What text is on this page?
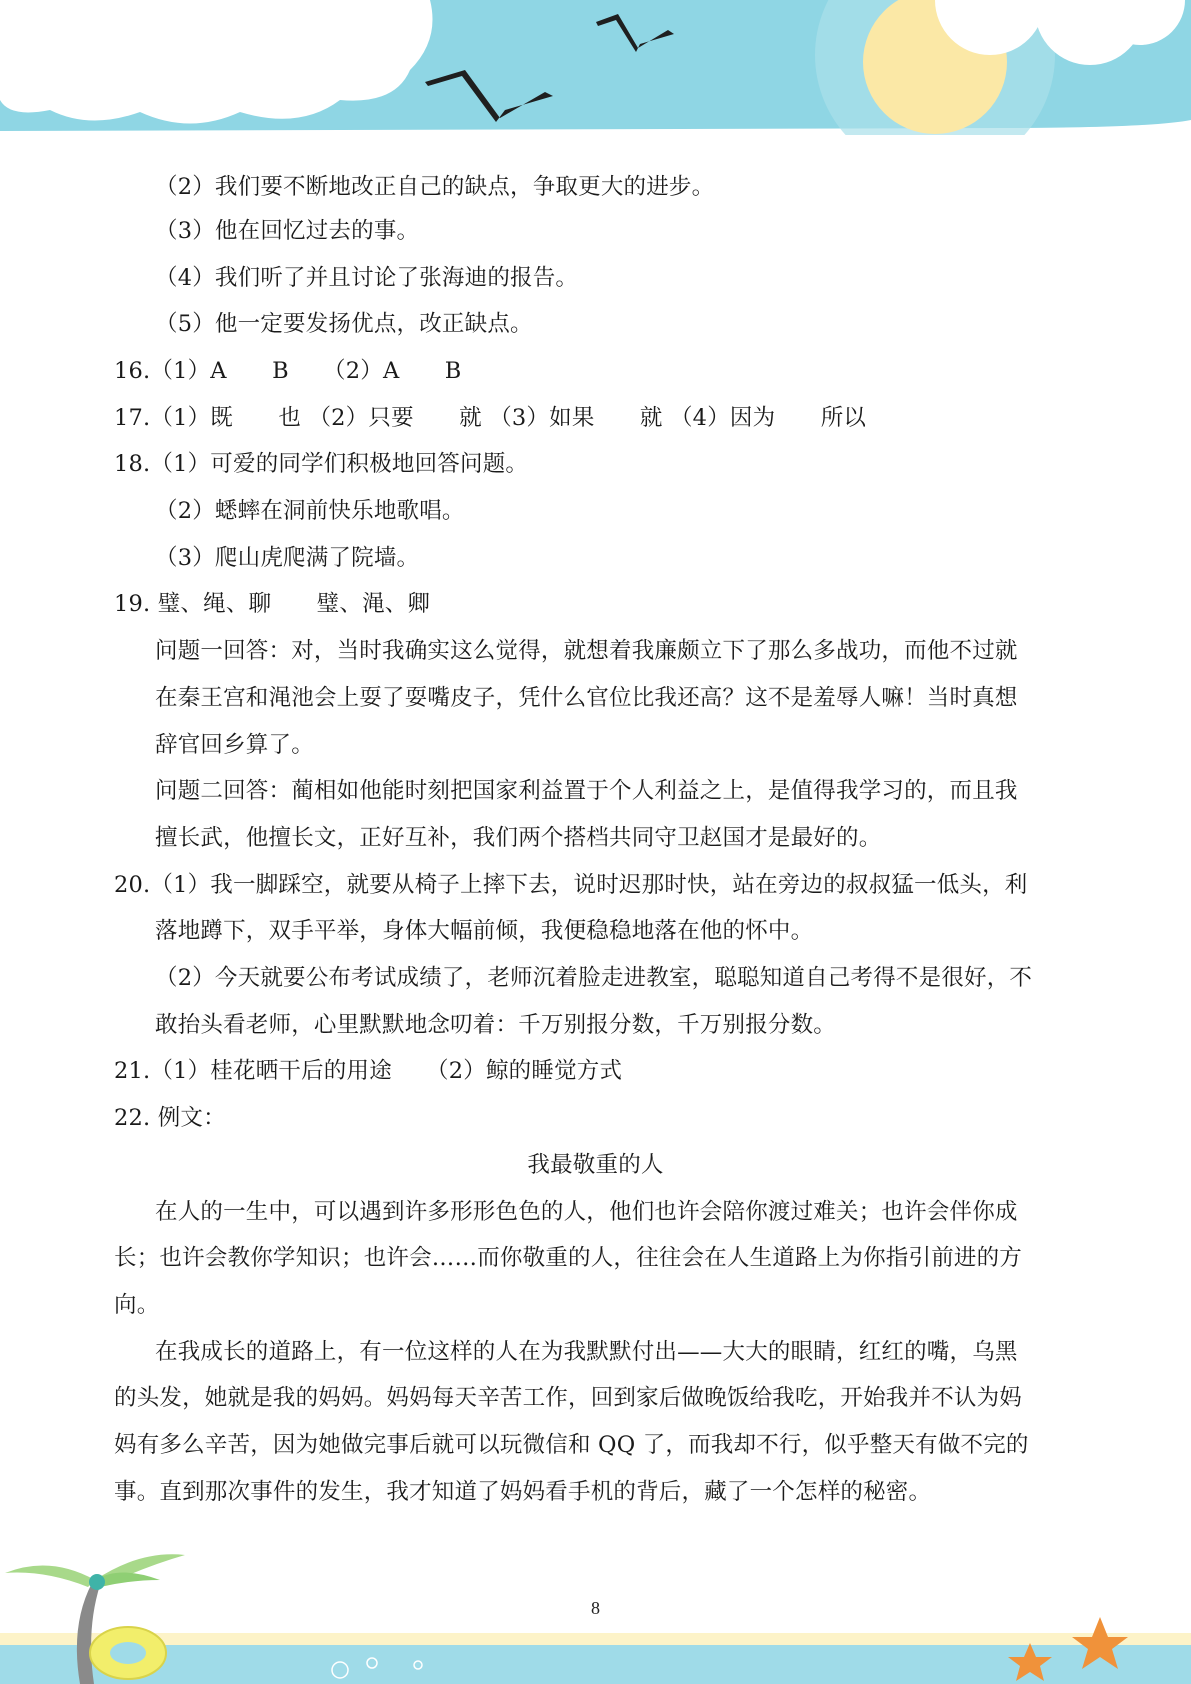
（2）我们要不断地改正自己的缺点，争取更大的进步。
（3）他在回忆过去的事。
（4）我们听了并且讨论了张海迪的报告。
（5）他一定要发扬优点，改正缺点。
16.（1）A　　B　　（2）A　　B
17.（1）既　　也 （2）只要　　就 （3）如果　　就 （4）因为　　所以
18.（1）可爱的同学们积极地回答问题。
（2）蟋蟀在洞前快乐地歌唱。
（3）爬山虎爬满了院墙。
19. 璧、绳、聊　　璧、渑、卿
问题一回答：对，当时我确实这么觉得，就想着我廉颇立下了那么多战功，而他不过就
在秦王宫和渑池会上耍了耍嘴皮子，凭什么官位比我还高？这不是羞辱人嘛！当时真想
辞官回乡算了。
问题二回答：蔺相如他能时刻把国家利益置于个人利益之上，是值得我学习的，而且我
擅长武，他擅长文，正好互补，我们两个搭档共同守卫赵国才是最好的。
20.（1）我一脚踩空，就要从椅子上摔下去，说时迟那时快，站在旁边的叔叔猛一低头，利
落地蹲下，双手平举，身体大幅前倾，我便稳稳地落在他的怀中。
（2）今天就要公布考试成绩了，老师沉着脸走进教室，聪聪知道自己考得不是很好，不
敢抬头看老师，心里默默地念叨着：千万别报分数，千万别报分数。
21.（1）桂花晒干后的用途　　（2）鲸的睡觉方式
22. 例文：
我最敬重的人
在人的一生中，可以遇到许多形形色色的人，他们也许会陪你渡过难关；也许会伴你成
长；也许会教你学知识；也许会……而你敬重的人，往往会在人生道路上为你指引前进的方
向。
在我成长的道路上，有一位这样的人在为我默默付出——大大的眼睛，红红的嘴，乌黑
的头发，她就是我的妈妈。妈妈每天辛苦工作，回到家后做晚饭给我吃，开始我并不认为妈
妈有多么辛苦，因为她做完事后就可以玩微信和 QQ 了，而我却不行，似乎整天有做不完的
事。直到那次事件的发生，我才知道了妈妈看手机的背后，藏了一个怎样的秘密。
8
